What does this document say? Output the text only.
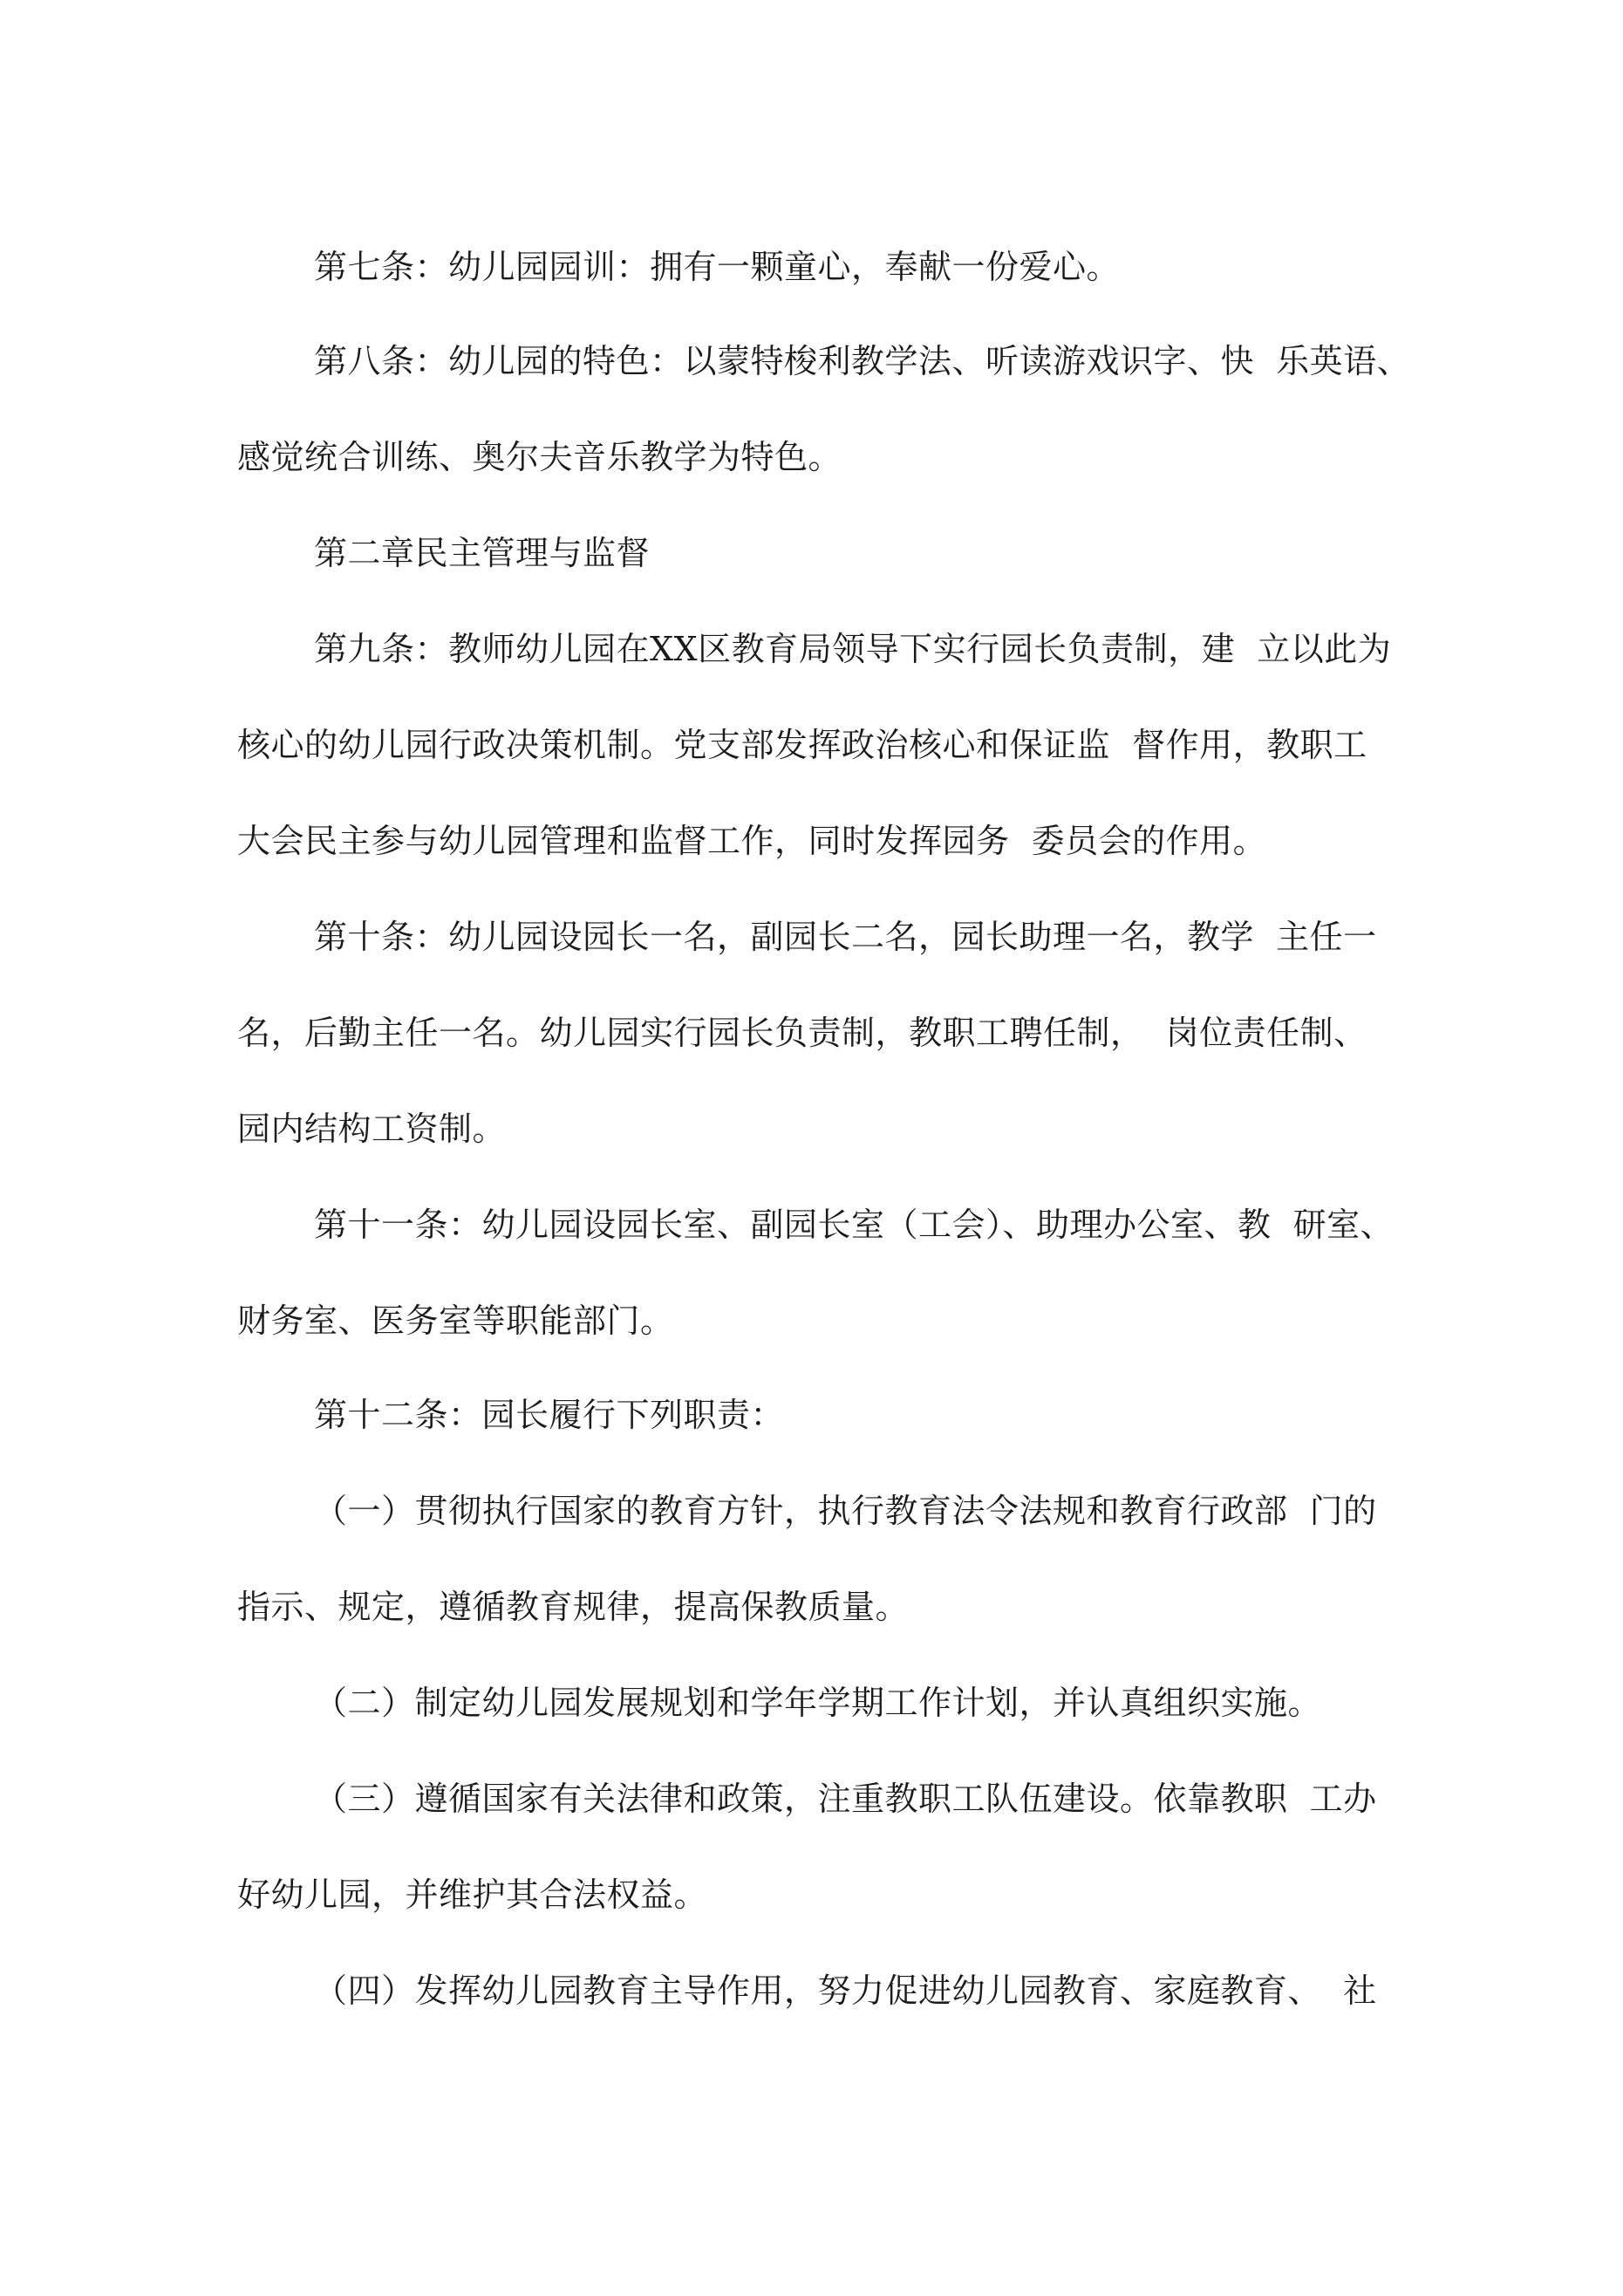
第七条：幼儿园园训：拥有一颗童心，奉献一份爱心。
第八条：幼儿园的特色：以蒙特梭利教学法、听读游戏识字、快  乐英语、
感觉统合训练、奥尔夫音乐教学为特色。
第二章民主管理与监督
第九条：教师幼儿园在XX区教育局领导下实行园长负责制，建  立以此为
核心的幼儿园行政决策机制。党支部发挥政治核心和保证监  督作用，教职工
大会民主参与幼儿园管理和监督工作，同时发挥园务  委员会的作用。
第十条：幼儿园设园长一名，副园长二名，园长助理一名，教学  主任一
名，后勤主任一名。幼儿园实行园长负责制，教职工聘任制，  岗位责任制、
园内结构工资制。
第十一条：幼儿园设园长室、副园长室（工会）、助理办公室、教  研室、
财务室、医务室等职能部门。
第十二条：园长履行下列职责：
（一）贯彻执行国家的教育方针，执行教育法令法规和教育行政部  门的
指示、规定，遵循教育规律，提高保教质量。
（二）制定幼儿园发展规划和学年学期工作计划，并认真组织实施。
（三）遵循国家有关法律和政策，注重教职工队伍建设。依靠教职  工办
好幼儿园，并维护其合法权益。
（四）发挥幼儿园教育主导作用，努力促进幼儿园教育、家庭教育、  社
